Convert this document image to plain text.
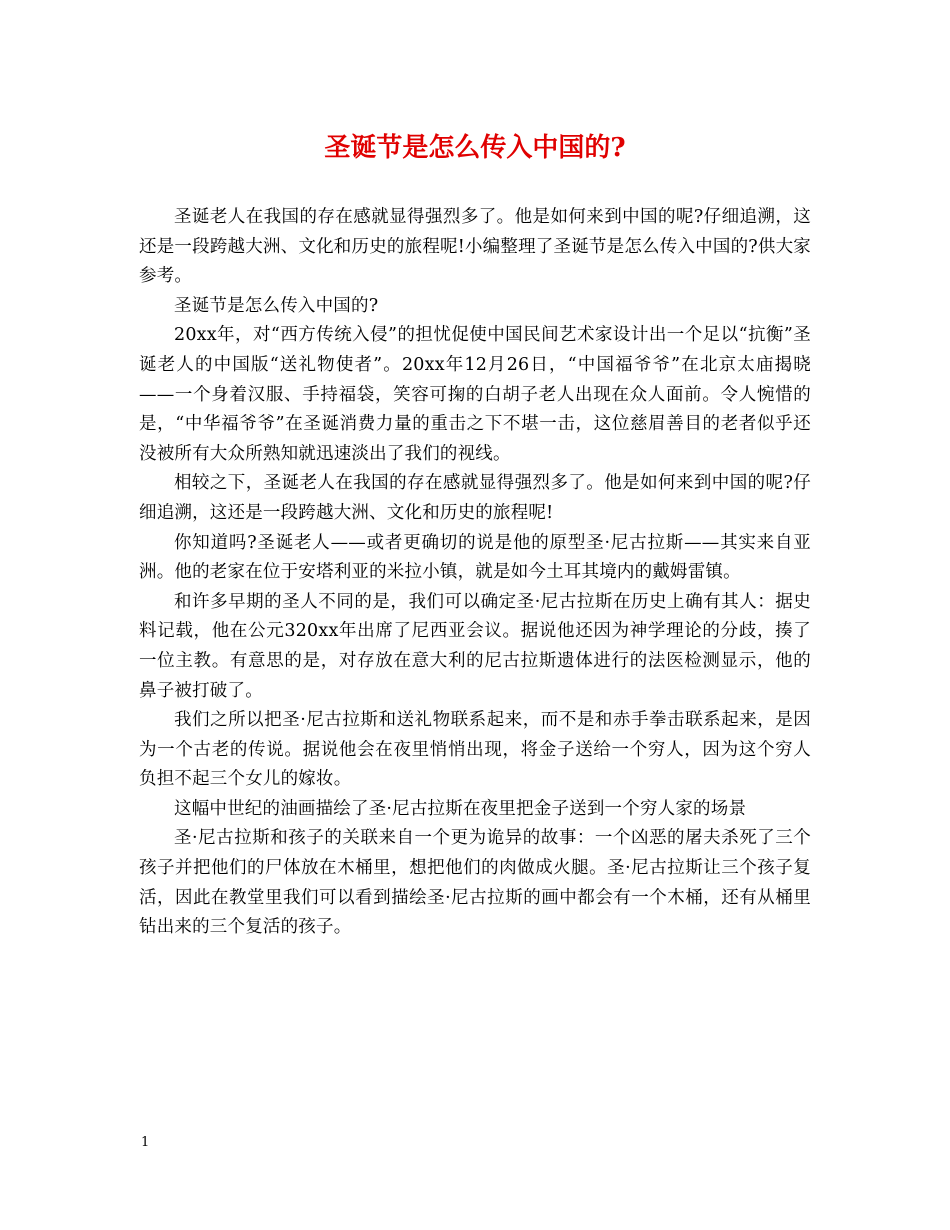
圣诞节是怎么传入中国的?

圣诞老人在我国的存在感就显得强烈多了。他是如何来到中国的呢?仔细追溯，这还是一段跨越大洲、文化和历史的旅程呢!小编整理了圣诞节是怎么传入中国的?供大家参考。

圣诞节是怎么传入中国的?

20xx年，对“西方传统入侵”的担忧促使中国民间艺术家设计出一个足以“抗衡”圣诞老人的中国版“送礼物使者”。20xx年12月26日，“中国福爷爷”在北京太庙揭晓——一个身着汉服、手持福袋，笑容可掬的白胡子老人出现在众人面前。令人惋惜的是，“中华福爷爷”在圣诞消费力量的重击之下不堪一击，这位慈眉善目的老者似乎还没被所有大众所熟知就迅速淡出了我们的视线。

相较之下，圣诞老人在我国的存在感就显得强烈多了。他是如何来到中国的呢?仔细追溯，这还是一段跨越大洲、文化和历史的旅程呢!

你知道吗?圣诞老人——或者更确切的说是他的原型圣·尼古拉斯——其实来自亚洲。他的老家在位于安塔利亚的米拉小镇，就是如今土耳其境内的戴姆雷镇。

和许多早期的圣人不同的是，我们可以确定圣·尼古拉斯在历史上确有其人：据史料记载，他在公元320xx年出席了尼西亚会议。据说他还因为神学理论的分歧，揍了一位主教。有意思的是，对存放在意大利的尼古拉斯遗体进行的法医检测显示，他的鼻子被打破了。

我们之所以把圣·尼古拉斯和送礼物联系起来，而不是和赤手拳击联系起来，是因为一个古老的传说。据说他会在夜里悄悄出现，将金子送给一个穷人，因为这个穷人负担不起三个女儿的嫁妆。

这幅中世纪的油画描绘了圣·尼古拉斯在夜里把金子送到一个穷人家的场景

圣·尼古拉斯和孩子的关联来自一个更为诡异的故事：一个凶恶的屠夫杀死了三个孩子并把他们的尸体放在木桶里，想把他们的肉做成火腿。圣·尼古拉斯让三个孩子复活，因此在教堂里我们可以看到描绘圣·尼古拉斯的画中都会有一个木桶，还有从桶里钻出来的三个复活的孩子。

1
